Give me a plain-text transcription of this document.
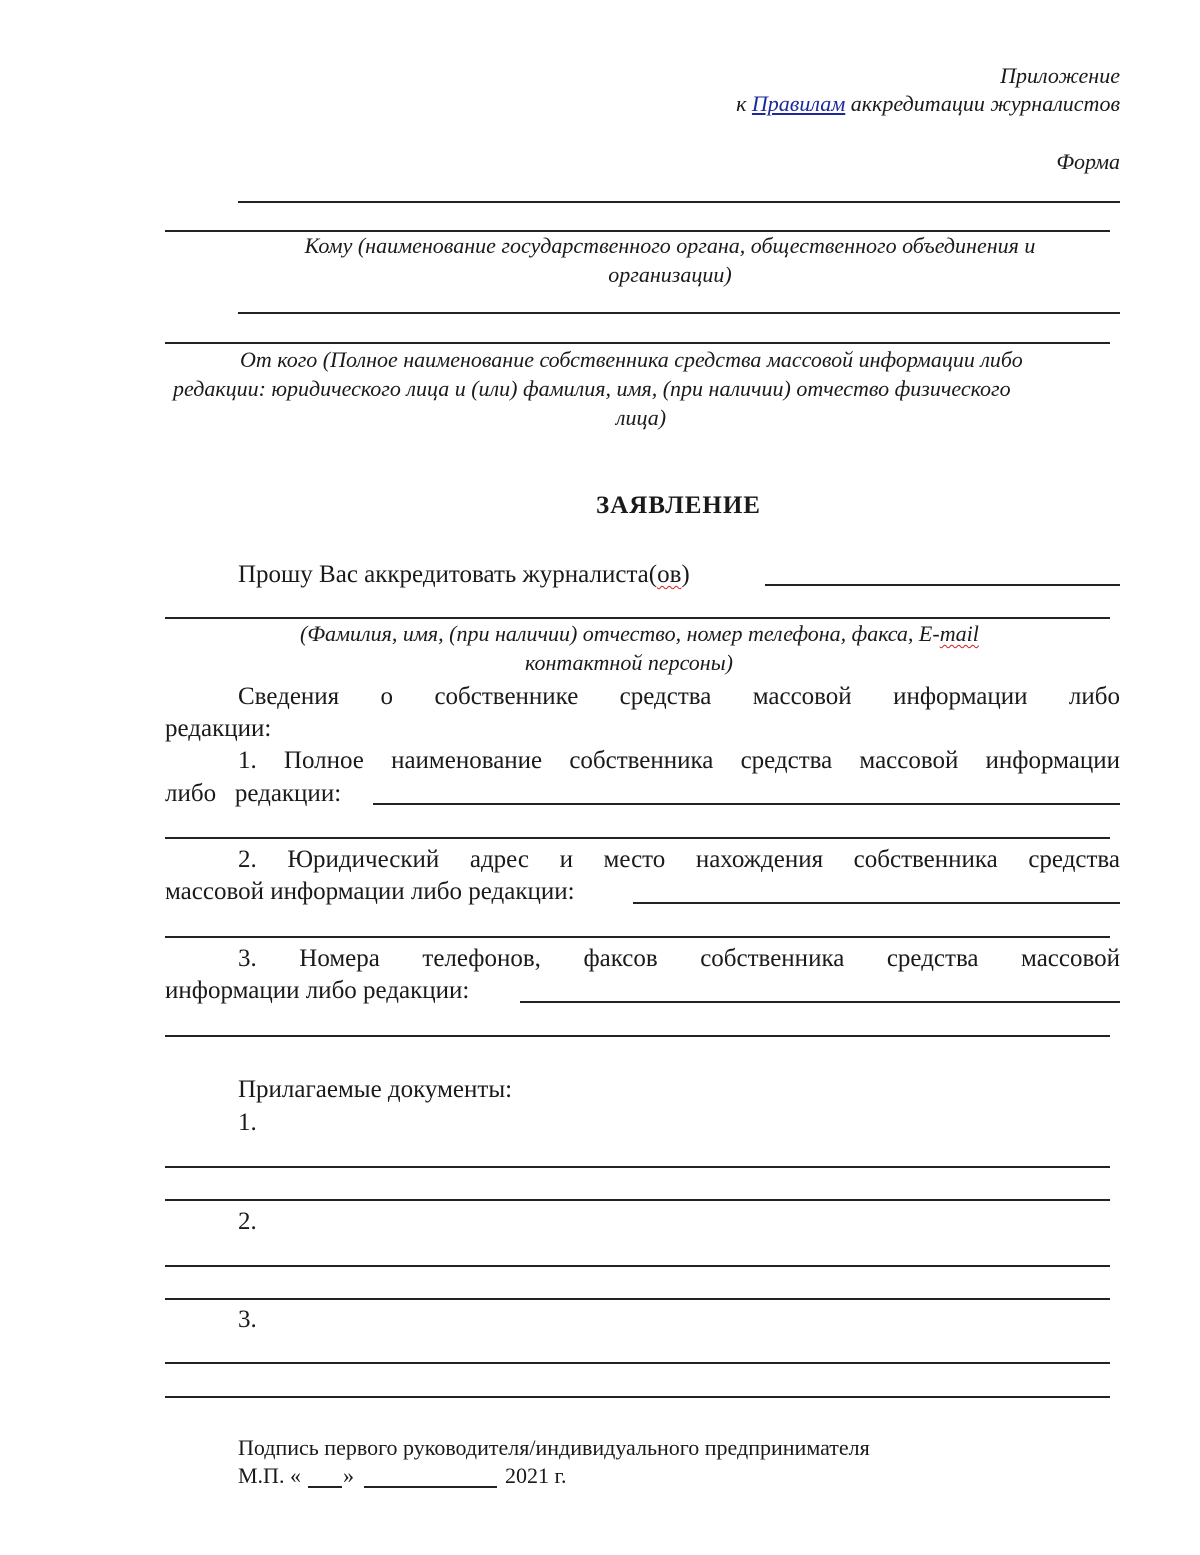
Приложение
к Правилам аккредитации журналистов
Форма
Кому (наименование государственного органа, общественного объединения и
организации)
От кого (Полное наименование собственника средства массовой информации либо
редакции: юридического лица и (или) фамилия, имя, (при наличии) отчество физического
лица)
ЗАЯВЛЕНИЕ
Прошу Вас аккредитовать журналиста(ов)
(Фамилия, имя, (при наличии) отчество, номер телефона, факса, E-mail
контактной персоны)
Сведения о собственнике средства массовой информации либо
редакции:
1. Полное наименование собственника средства массовой информации
либо редакции:
2. Юридический адрес и место нахождения собственника средства
массовой информации либо редакции:
3. Номера телефонов, факсов собственника средства массовой
информации либо редакции:
Прилагаемые документы:
1.
2.
3.
Подпись первого руководителя/индивидуального предпринимателя
М.П. « »	2021 г.
